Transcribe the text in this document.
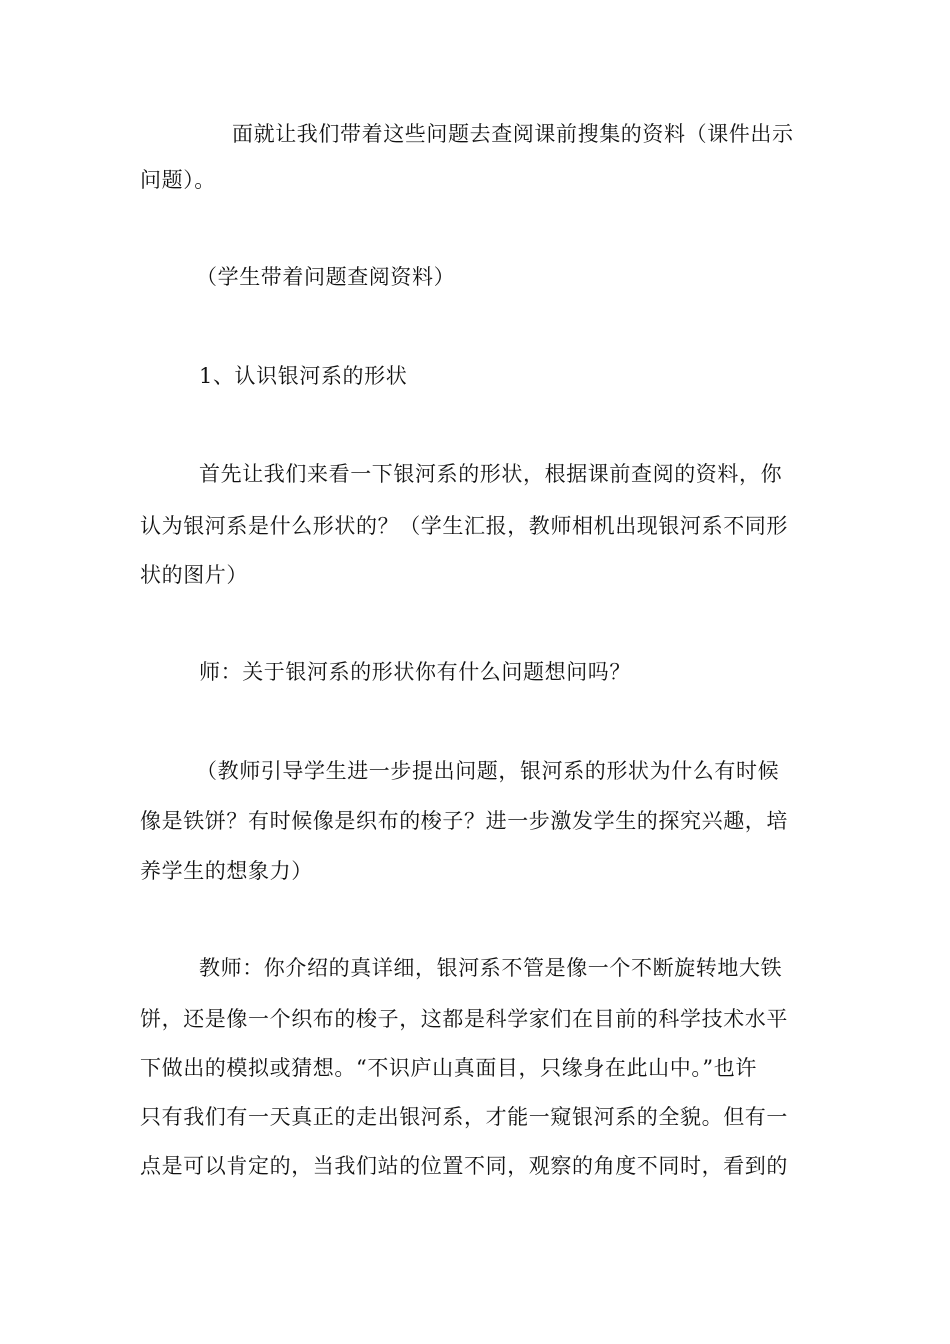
面就让我们带着这些问题去查阅课前搜集的资料（课件出示
问题）。
（学生带着问题查阅资料）
1、认识银河系的形状
首先让我们来看一下银河系的形状，根据课前查阅的资料，你
认为银河系是什么形状的？（学生汇报，教师相机出现银河系不同形
状的图片）
师：关于银河系的形状你有什么问题想问吗？
（教师引导学生进一步提出问题，银河系的形状为什么有时候
像是铁饼？有时候像是织布的梭子？进一步激发学生的探究兴趣，培
养学生的想象力）
教师：你介绍的真详细，银河系不管是像一个不断旋转地大铁
饼，还是像一个织布的梭子，这都是科学家们在目前的科学技术水平
下做出的模拟或猜想。“不识庐山真面目，只缘身在此山中。”也许
只有我们有一天真正的走出银河系，才能一窥银河系的全貌。但有一
点是可以肯定的，当我们站的位置不同，观察的角度不同时，看到的
